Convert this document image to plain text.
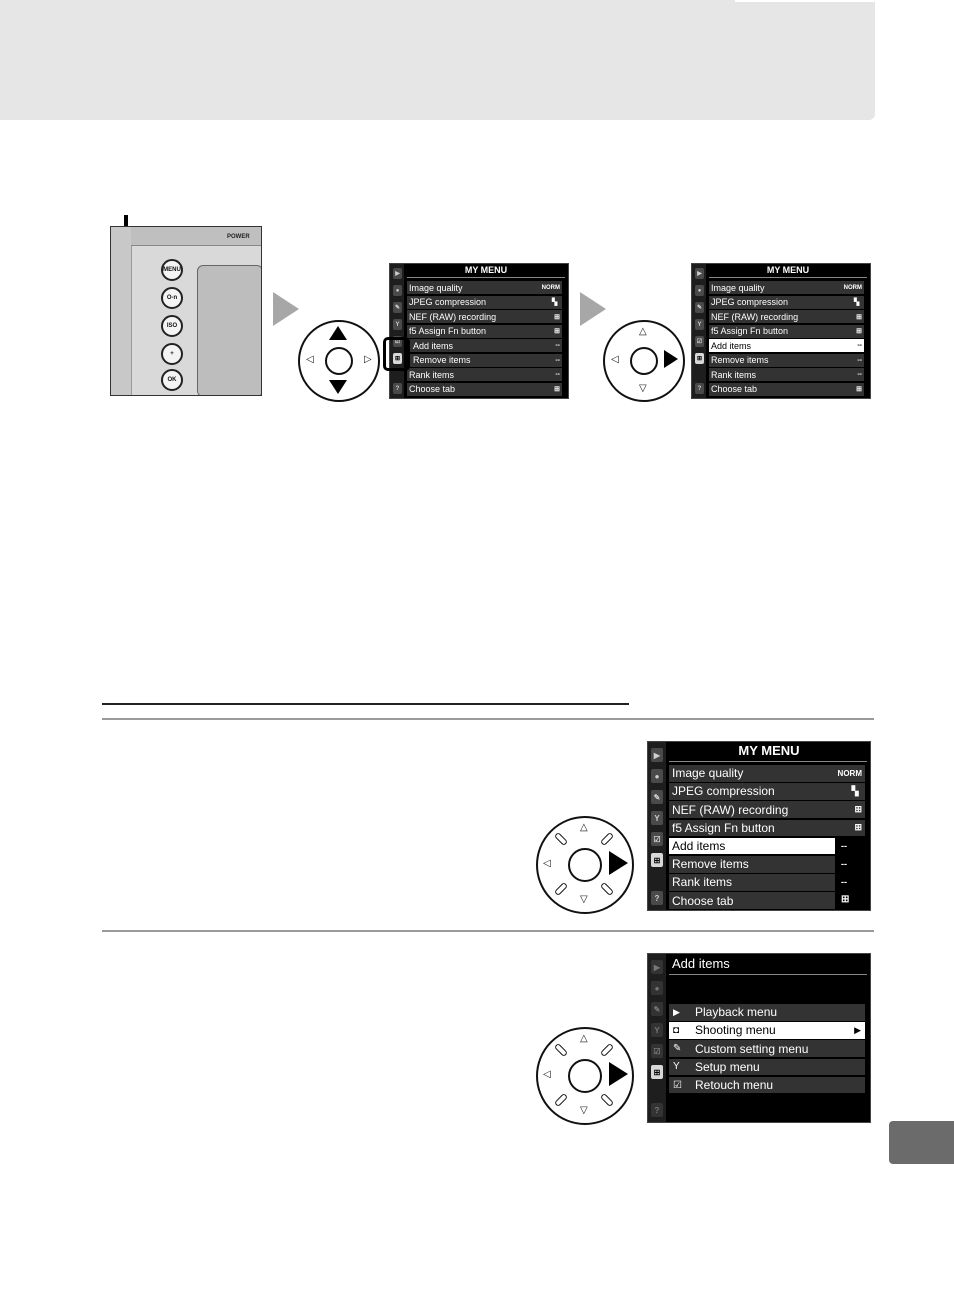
POWER
MENU
O-n
ISO
+
OK
◁	▷
▶
●
✎
Y
☑
⊞
?
MY MENU
Image quality	NORM
JPEG compression	▝▖
NEF (RAW) recording	⊞
f5 Assign Fn button	⊞
Add items	--
Remove items	--
Rank items	--
Choose tab	⊞
△
▽
◁
▶
●
✎
Y
☑
⊞
?
MY MENU
Image quality	NORM
JPEG compression	▝▖
NEF (RAW) recording	⊞
f5 Assign Fn button	⊞
Add items	--
Remove items	--
Rank items	--
Choose tab	⊞
△
▽
◁
▶
●
✎
Y
☑
⊞
?
MY MENU
Image quality	NORM
JPEG compression	▝▖
NEF (RAW) recording	⊞
f5 Assign Fn button	⊞
Add items	--
Remove items	--
Rank items	--
Choose tab	⊞
△
▽
◁
▶
●
✎
Y
☑
⊞
?
Add items
▶	Playback menu
◘	Shooting menu	▶
✎	Custom setting menu
Y	Setup menu
☑	Retouch menu
